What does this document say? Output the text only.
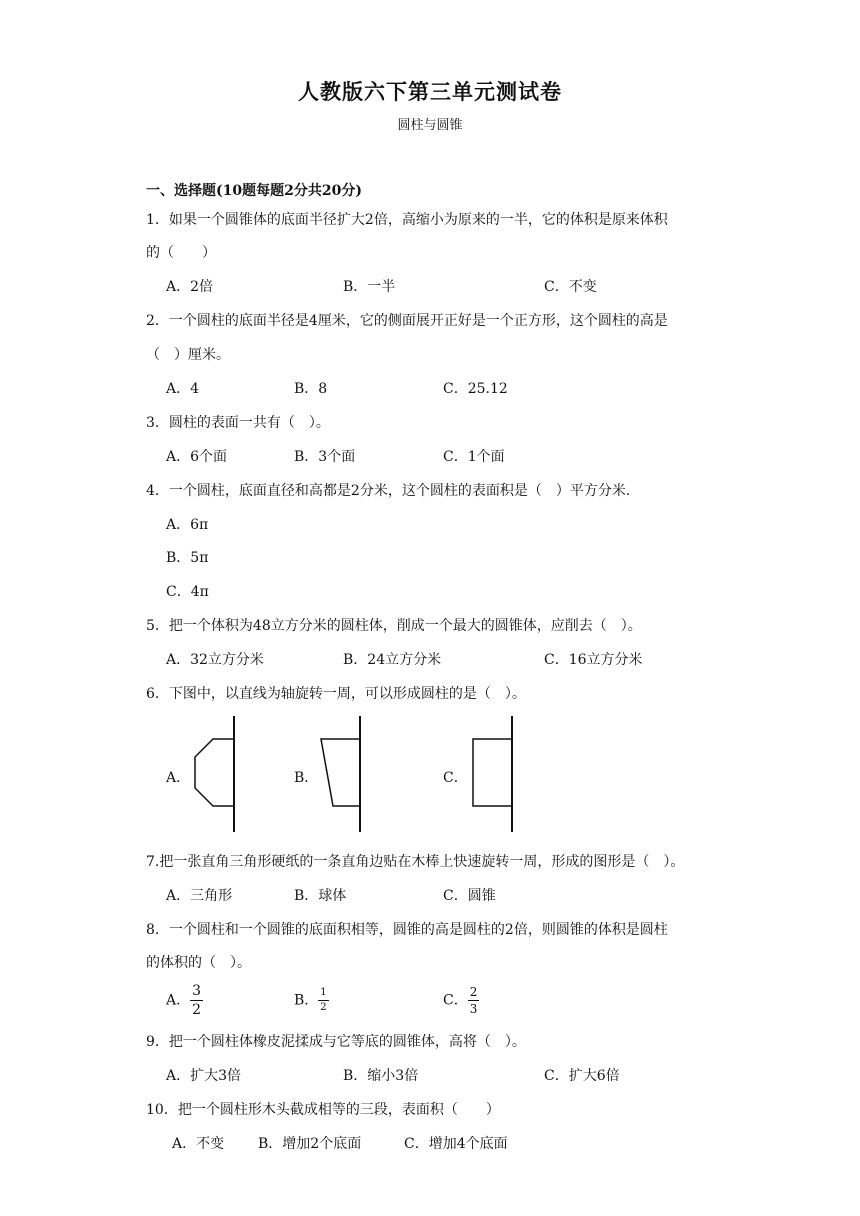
人教版六下第三单元测试卷
圆柱与圆锥
一、选择题(10题每题2分共20分)
1．如果一个圆锥体的底面半径扩大2倍，高缩小为原来的一半，它的体积是原来体积
的（　　）
A．2倍	B．一半	C．不变
2．一个圆柱的底面半径是4厘米，它的侧面展开正好是一个正方形，这个圆柱的高是
（　）厘米。
A．4	B．8	C．25.12
3．圆柱的表面一共有（　）。
A．6个面	B．3个面	C．1个面
4．一个圆柱，底面直径和高都是2分米，这个圆柱的表面积是（　）平方分米.
A．6π
B．5π
C．4π
5．把一个体积为48立方分米的圆柱体，削成一个最大的圆锥体，应削去（　）。
A．32立方分米	B．24立方分米	C．16立方分米
6．下图中，以直线为轴旋转一周，可以形成圆柱的是（　）。
A．	B．	C．
7.把一张直角三角形硬纸的一条直角边贴在木棒上快速旋转一周，形成的图形是（　）。
A．三角形	B．球体	C．圆锥
8．一个圆柱和一个圆锥的底面积相等，圆锥的高是圆柱的2倍，则圆锥的体积是圆柱
的体积的（　）。
A． $\frac{3}{2}$	B． $\frac{1}{2}$	C． $\frac{2}{3}$
9．把一个圆柱体橡皮泥揉成与它等底的圆锥体，高将（　）。
A．扩大3倍	B．缩小3倍	C．扩大6倍
10．把一个圆柱形木头截成相等的三段，表面积（　　）
A．不变 B．增加2个底面	C．增加4个底面
